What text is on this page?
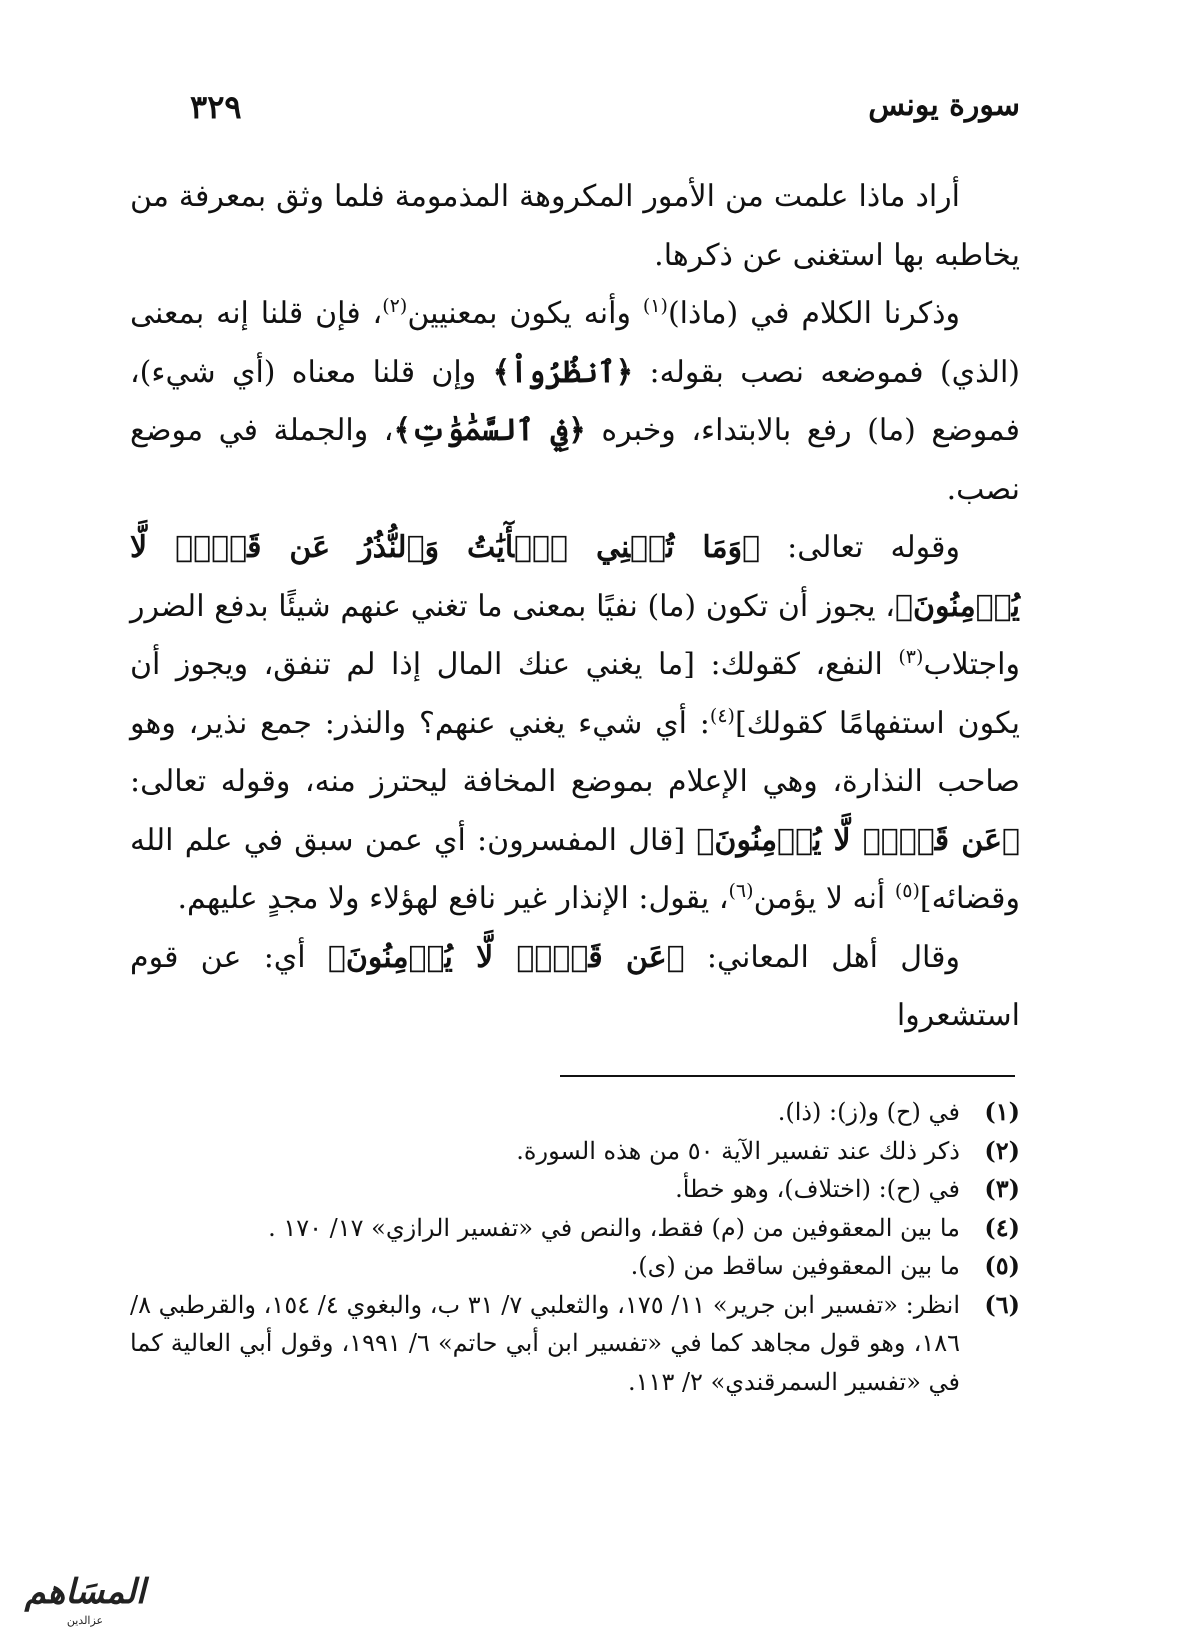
سورة يونس
٣٢٩

أراد ماذا علمت من الأمور المكروهة المذمومة فلما وثق بمعرفة من يخاطبه بها استغنى عن ذكرها.

وذكرنا الكلام في (ماذا)$^{(١)}$ وأنه يكون بمعنيين$^{(٢)}$، فإن قلنا إنه بمعنى (الذي) فموضعه نصب بقوله: ﴿ٱنظُرُواْ﴾ وإن قلنا معناه (أي شيء)، فموضع (ما) رفع بالابتداء، وخبره ﴿فِي ٱلسَّمَٰوَٰتِ﴾، والجملة في موضع نصب.

وقوله تعالى: ﴿وَمَا تُغۡنِي ٱلۡأٓيَٰتُ وَٱلنُّذُرُ عَن قَوۡمٖ لَّا يُؤۡمِنُونَ﴾، يجوز أن تكون (ما) نفيًا بمعنى ما تغني عنهم شيئًا بدفع الضرر واجتلاب$^{(٣)}$ النفع، كقولك: [ما يغني عنك المال إذا لم تنفق، ويجوز أن يكون استفهامًا كقولك]$^{(٤)}$: أي شيء يغني عنهم؟ والنذر: جمع نذير، وهو صاحب النذارة، وهي الإعلام بموضع المخافة ليحترز منه، وقوله تعالى: ﴿عَن قَوۡمٖ لَّا يُؤۡمِنُونَ﴾ [قال المفسرون: أي عمن سبق في علم الله وقضائه]$^{(٥)}$ أنه لا يؤمن$^{(٦)}$، يقول: الإنذار غير نافع لهؤلاء ولا مجدٍ عليهم.

وقال أهل المعاني: ﴿عَن قَوۡمٖ لَّا يُؤۡمِنُونَ﴾ أي: عن قوم استشعروا

(١)
في (ح) و(ز): (ذا).
(٢)
ذكر ذلك عند تفسير الآية ٥٠ من هذه السورة.
(٣)
في (ح): (اختلاف)، وهو خطأ.
(٤)
ما بين المعقوفين من (م) فقط، والنص في «تفسير الرازي» ١٧/ ١٧٠ .
(٥)
ما بين المعقوفين ساقط من (ى).
(٦)
انظر: «تفسير ابن جرير» ١١/ ١٧٥، والثعلبي ٧/ ٣١ ب، والبغوي ٤/ ١٥٤، والقرطبي ٨/ ١٨٦، وهو قول مجاهد كما في «تفسير ابن أبي حاتم» ٦/ ١٩٩١، وقول أبي العالية كما في «تفسير السمرقندي» ٢/ ١١٣.
المسَاهم
عزالدين
